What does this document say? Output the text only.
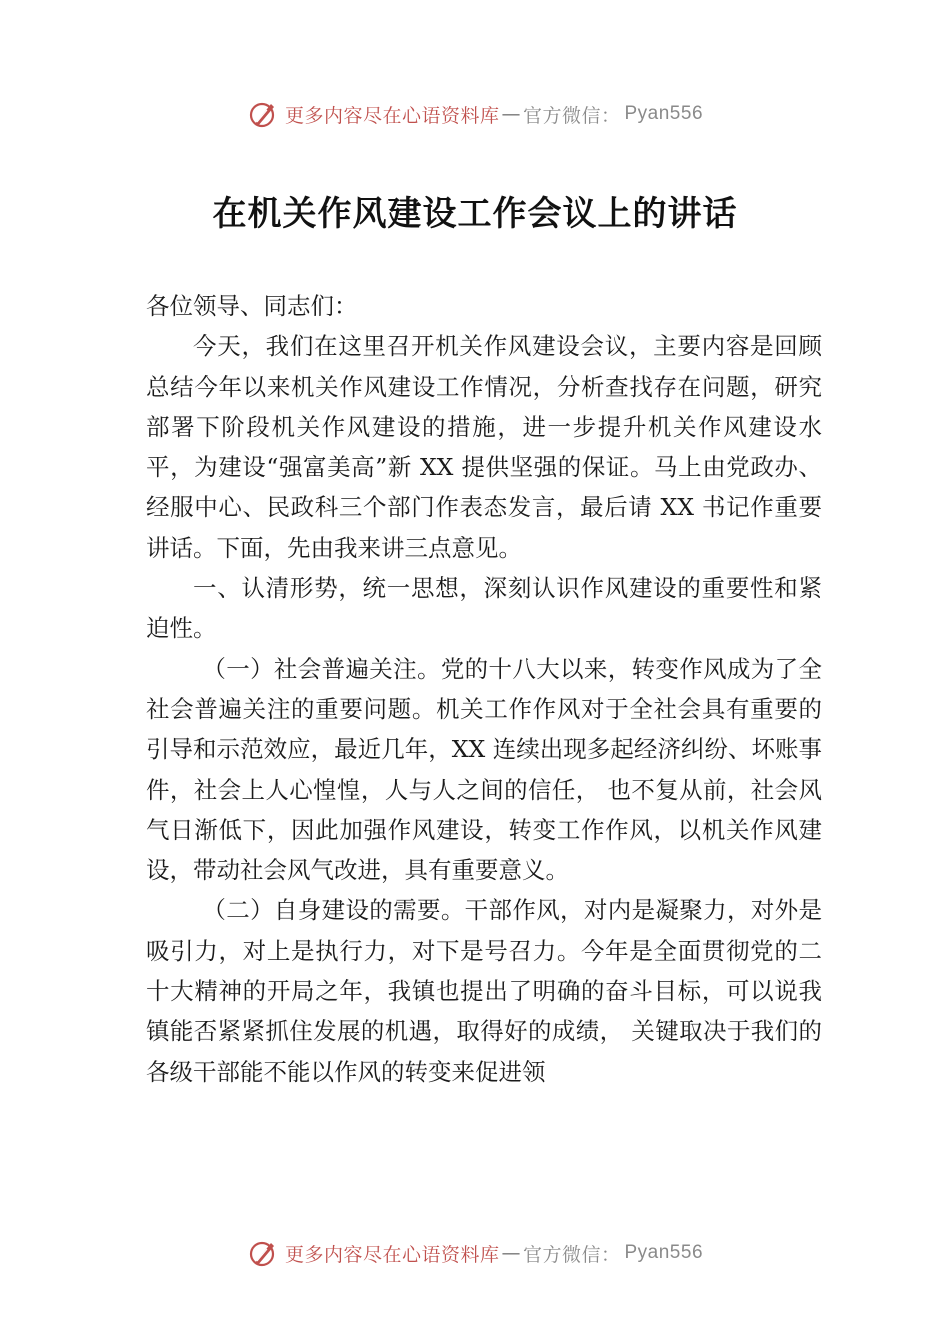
更多内容尽在心语资料库 — 官方微信： Pyan556
在机关作风建设工作会议上的讲话

各位领导、同志们：

今天，我们在这里召开机关作风建设会议，主要内容是回顾总结今年以来机关作风建设工作情况，分析查找存在问题，研究部署下阶段机关作风建设的措施，进一步提升机关作风建设水平，为建设“强富美高”新 XX 提供坚强的保证。马上由党政办、经服中心、民政科三个部门作表态发言，最后请 XX 书记作重要讲话。下面，先由我来讲三点意见。

一、认清形势，统一思想，深刻认识作风建设的重要性和紧迫性。

（一）社会普遍关注。党的十八大以来，转变作风成为了全社会普遍关注的重要问题。机关工作作风对于全社会具有重要的引导和示范效应，最近几年，XX 连续出现多起经济纠纷、坏账事件，社会上人心惶惶，人与人之间的信任， 也不复从前，社会风气日渐低下，因此加强作风建设，转变工作作风，以机关作风建设，带动社会风气改进，具有重要意义。

（二）自身建设的需要。干部作风，对内是凝聚力，对外是吸引力，对上是执行力，对下是号召力。今年是全面贯彻党的二十大精神的开局之年，我镇也提出了明确的奋斗目标，可以说我镇能否紧紧抓住发展的机遇，取得好的成绩， 关键取决于我们的各级干部能不能以作风的转变来促进领

更多内容尽在心语资料库 — 官方微信： Pyan556
